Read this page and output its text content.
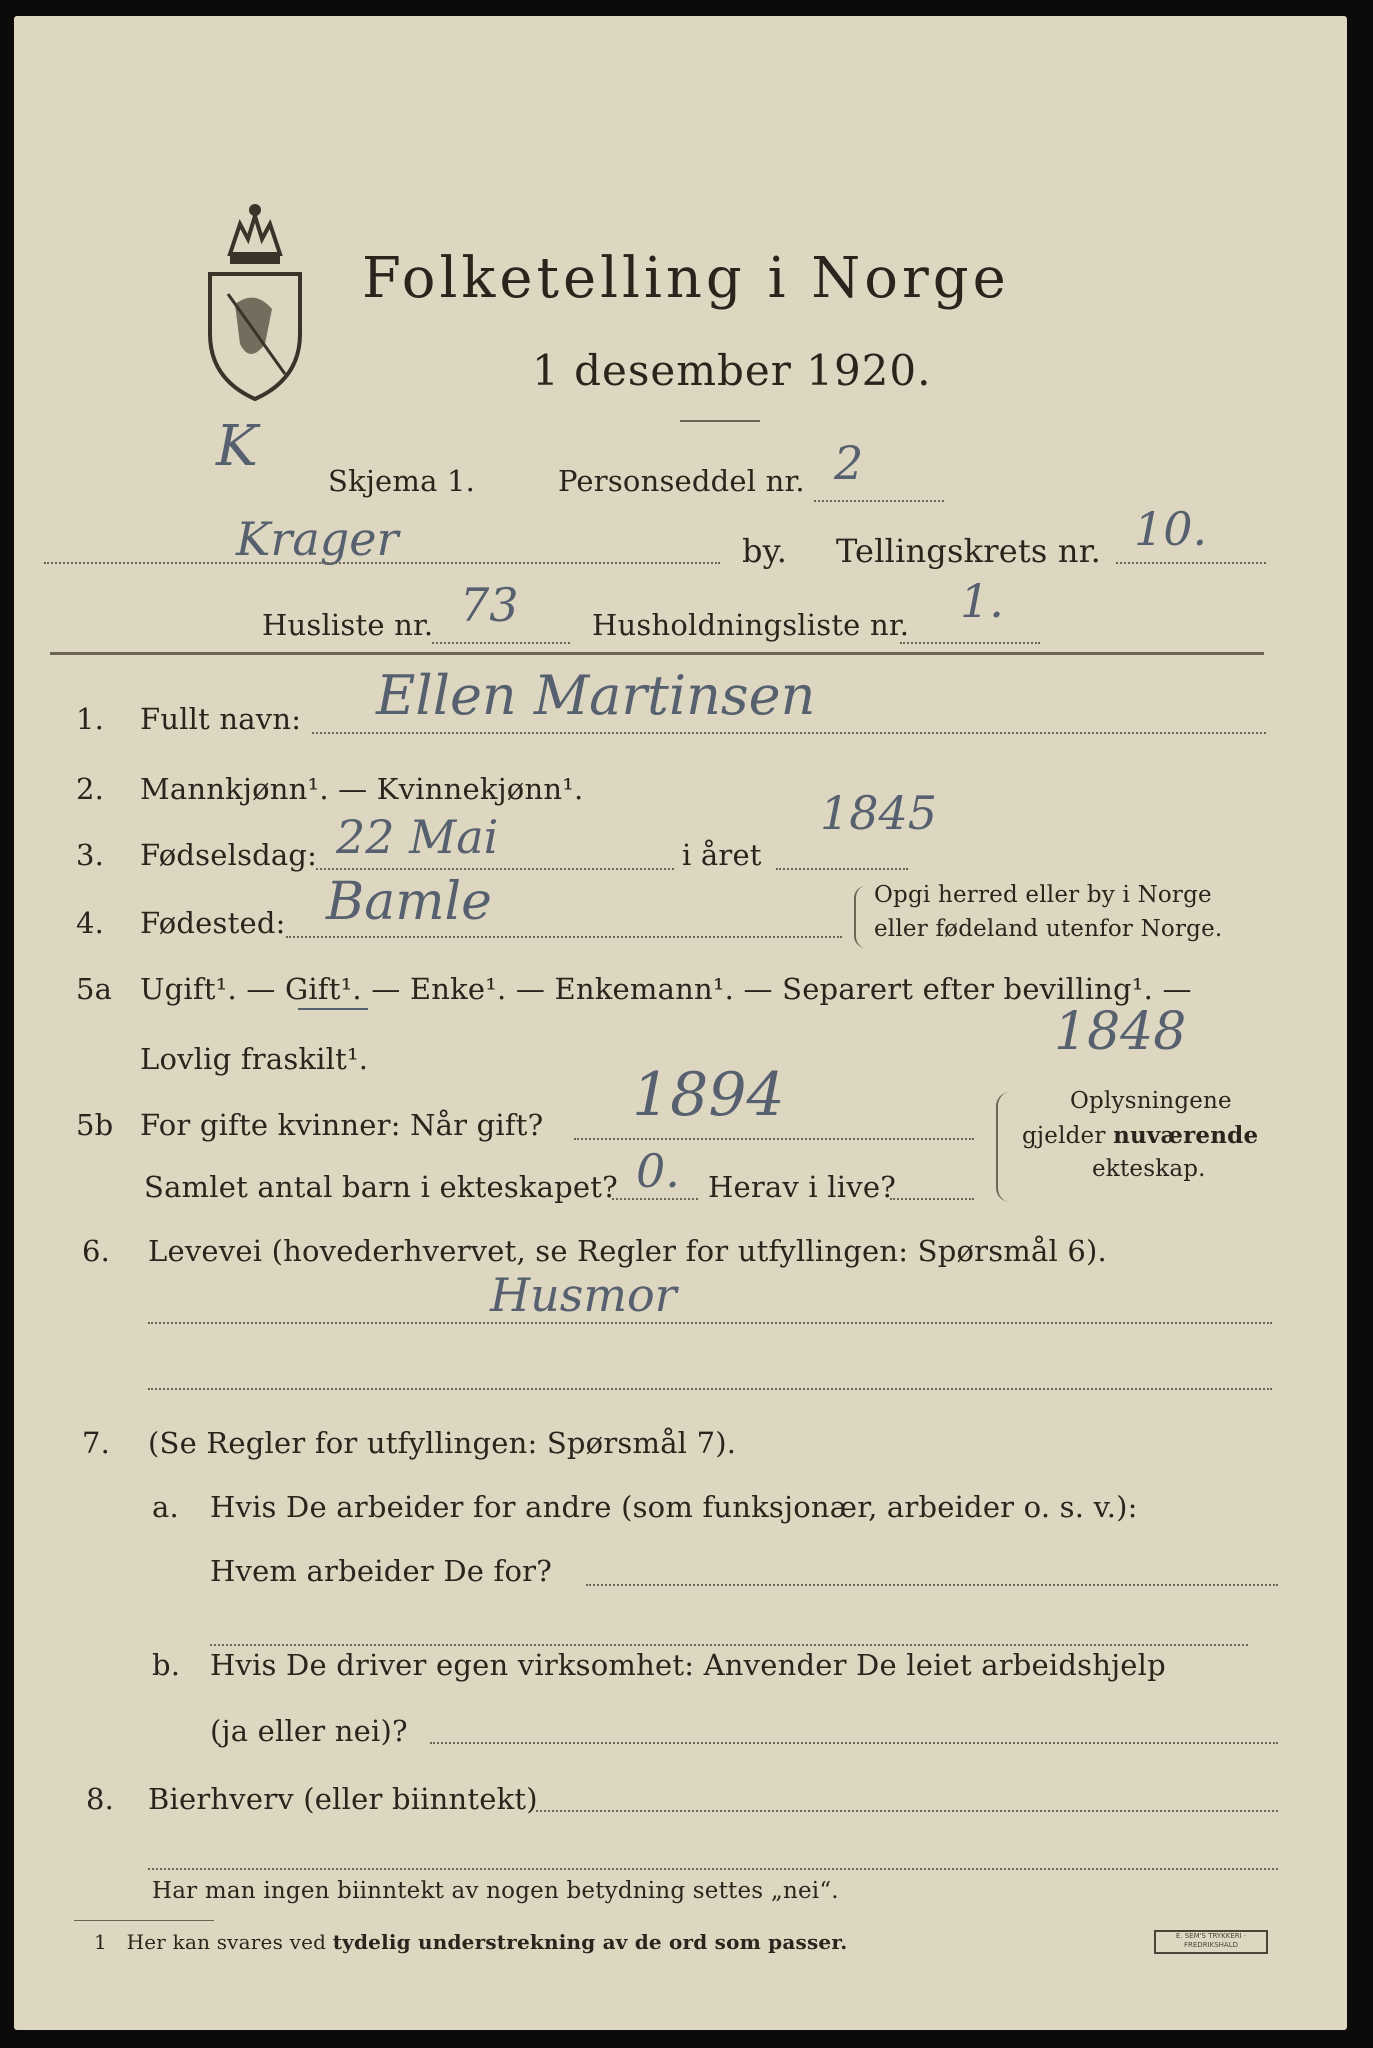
Folketelling i Norge
1 desember 1920.
K
Skjema 1.	Personseddel nr. 2
Krager	by. Tellingskrets nr. 10.
Husliste nr. 73	Husholdningsliste nr. 1.
1. Fullt navn: Ellen Martinsen
2. Mannkjønn¹. — Kvinnekjønn¹.
3. Fødselsdag: 22 Mai	i året
1845
4. Fødested: Bamle	Opgi herred eller by i Norge
eller fødeland utenfor Norge.
5a Ugift¹. — Gift¹. — Enke¹. — Enkemann¹. — Separert efter bevilling¹. —
Lovlig fraskilt¹.	1848
5b For gifte kvinner: Når gift? 1894
Samlet antal barn i ekteskapet? 0. Herav i live?
Oplysningene
gjelder nuværende
ekteskap.
6. Levevei (hovederhvervet, se Regler for utfyllingen: Spørsmål 6).
Husmor
7. (Se Regler for utfyllingen: Spørsmål 7).
a. Hvis De arbeider for andre (som funksjonær, arbeider o. s. v.):
Hvem arbeider De for?
b. Hvis De driver egen virksomhet: Anvender De leiet arbeidshjelp
(ja eller nei)?
8. Bierhverv (eller biinntekt)
Har man ingen biinntekt av nogen betydning settes „nei“.
1 Her kan svares ved tydelig understrekning av de ord som passer.	E. SEM'S TRYKKERI · FREDRIKSHALD
